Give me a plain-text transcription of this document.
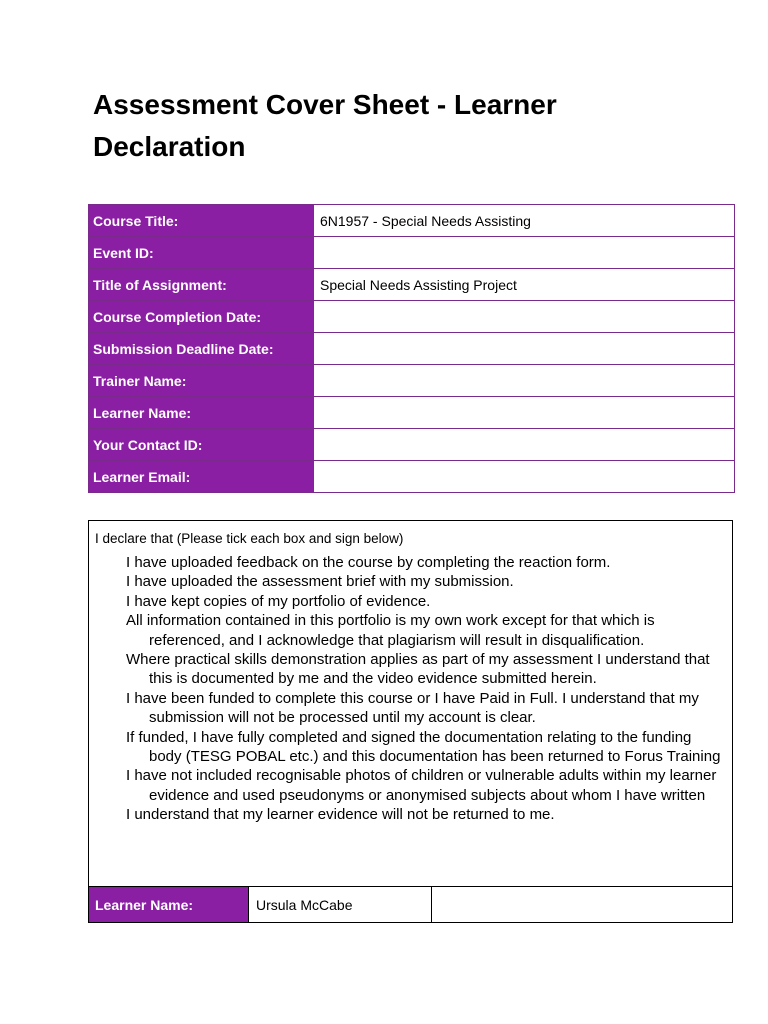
Assessment Cover Sheet - Learner Declaration
Course Title:	6N1957 - Special Needs Assisting
Event ID:	
Title of Assignment:	Special Needs Assisting Project
Course Completion Date:	
Submission Deadline Date:	
Trainer Name:	
Learner Name:	
Your Contact ID:	
Learner Email:	

I declare that (Please tick each box and sign below)

I have uploaded feedback on the course by completing the reaction form.
I have uploaded the assessment brief with my submission.
I have kept copies of my portfolio of evidence.
All information contained in this portfolio is my own work except for that which is referenced, and I acknowledge that plagiarism will result in disqualification.
Where practical skills demonstration applies as part of my assessment I understand that this is documented by me and the video evidence submitted herein.
I have been funded to complete this course or I have Paid in Full. I understand that my submission will not be processed until my account is clear.
If funded, I have fully completed and signed the documentation relating to the funding body (TESG POBAL etc.) and this documentation has been returned to Forus Training
I have not included recognisable photos of children or vulnerable adults within my learner evidence and used pseudonyms or anonymised subjects about whom I have written
I understand that my learner evidence will not be returned to me.
Learner Name:	Ursula McCabe
